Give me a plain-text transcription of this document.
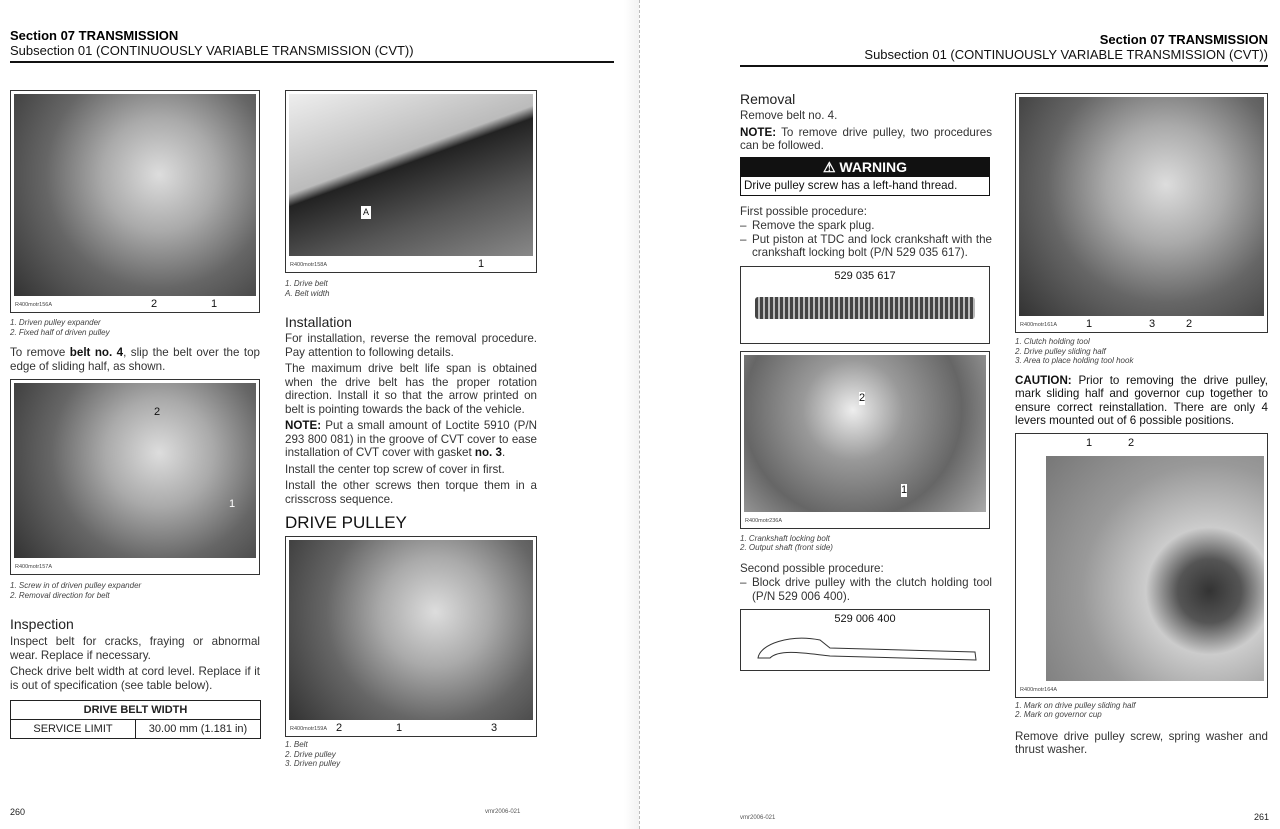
Section 07 TRANSMISSION
Subsection 01 (CONTINUOUSLY VARIABLE TRANSMISSION (CVT))
R400motr156A	2	1
1. Driven pulley expander
2. Fixed half of driven pulley
To remove belt no. 4, slip the belt over the top edge of sliding half, as shown.
R400motr157A
2
1
1. Screw in of driven pulley expander
2. Removal direction for belt
Inspection
Inspect belt for cracks, fraying or abnormal wear. Replace if necessary.
Check drive belt width at cord level. Replace if it is out of specification (see table below).
DRIVE BELT WIDTH
SERVICE LIMIT	30.00 mm (1.181 in)
R400motr158A	1
A
1. Drive belt
A. Belt width
Installation
For installation, reverse the removal procedure. Pay attention to following details.
The maximum drive belt life span is obtained when the drive belt has the proper rotation direction. Install it so that the arrow printed on belt is pointing towards the back of the vehicle.
NOTE: Put a small amount of Loctite 5910 (P/N 293 800 081) in the groove of CVT cover to ease installation of CVT cover with gasket no. 3.
Install the center top screw of cover in first.
Install the other screws then torque them in a crisscross sequence.
DRIVE PULLEY
R400motr159A 2	1	3
1. Belt
2. Drive pulley
3. Driven pulley
260	vmr2006-021
Section 07 TRANSMISSION
Subsection 01 (CONTINUOUSLY VARIABLE TRANSMISSION (CVT))
Removal
Remove belt no. 4.
NOTE: To remove drive pulley, two procedures can be followed.
⚠ WARNING
Drive pulley screw has a left-hand thread.
First possible procedure:
– Remove the spark plug.
– Put piston at TDC and lock crankshaft with the crankshaft locking bolt (P/N 529 035 617).
529 035 617
R400motr236A
2
1
1. Crankshaft locking bolt
2. Output shaft (front side)
Second possible procedure:
– Block drive pulley with the clutch holding tool (P/N 529 006 400).
529 006 400
R400motr161A	1	3	2
1. Clutch holding tool
2. Drive pulley sliding half
3. Area to place holding tool hook
CAUTION: Prior to removing the drive pulley, mark sliding half and governor cup together to ensure correct reinstallation. There are only 4 levers mounted out of 6 possible positions.
R400motr164A
1	2
1. Mark on drive pulley sliding half
2. Mark on governor cup
Remove drive pulley screw, spring washer and thrust washer.
vmr2006-021	261
